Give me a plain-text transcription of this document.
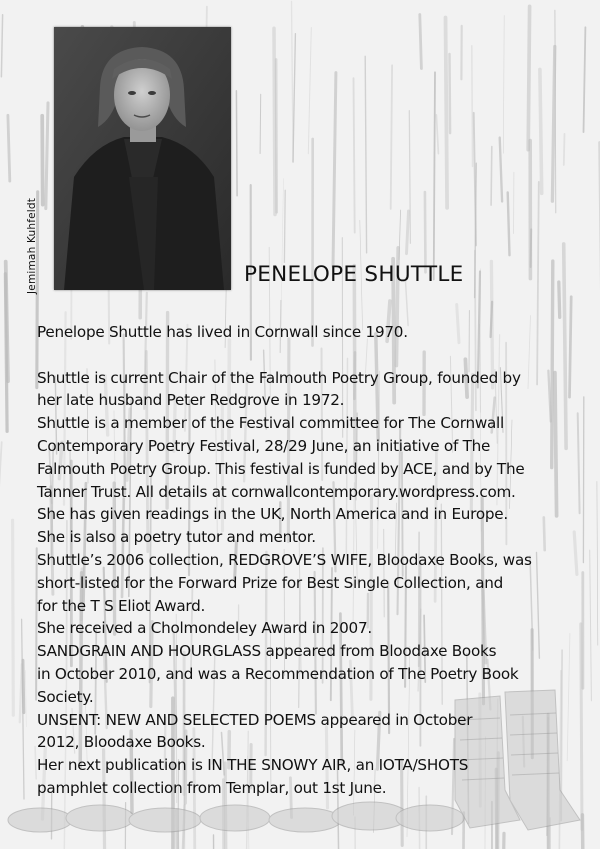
Jemimah Kuhfeldt	PENELOPE SHUTTLE
Penelope Shuttle has lived in Cornwall since 1970.
Shuttle is current Chair of the Falmouth Poetry Group, founded by
her late husband Peter Redgrove in 1972.
Shuttle is a member of the Festival committee for The Cornwall
Contemporary Poetry Festival, 28/29 June, an initiative of The
Falmouth Poetry Group. This festival is funded by ACE, and by The
Tanner Trust. All details at cornwallcontemporary.wordpress.com.
She has given readings in the UK, North America and in Europe.
She is also a poetry tutor and mentor.
Shuttle’s 2006 collection, REDGROVE’S WIFE, Bloodaxe Books, was
short-listed for the Forward Prize for Best Single Collection, and
for the T S Eliot Award.
She received a Cholmondeley Award in 2007.
SANDGRAIN AND HOURGLASS appeared from Bloodaxe Books
in October 2010, and was a Recommendation of The Poetry Book
Society.
UNSENT: NEW AND SELECTED POEMS appeared in October
2012, Bloodaxe Books.
Her next publication is IN THE SNOWY AIR, an IOTA/SHOTS
pamphlet collection from Templar, out 1st June.
